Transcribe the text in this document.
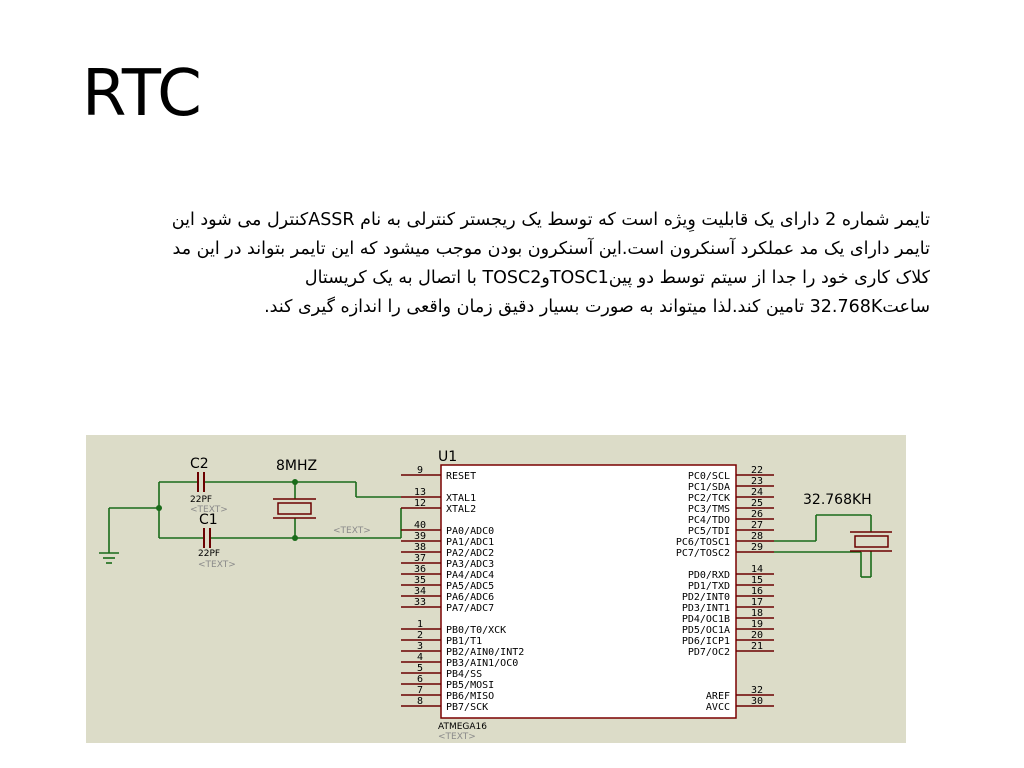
RTC
تایمر شماره 2 دارای یک قابلیت وِیژه است که توسط یک ریجستر کنترلی به نام ASSRکنترل می شود این
تایمر دارای یک مد عملکرد آسنکرون است.این آسنکرون بودن موجب میشود که این تایمر بتواند در این مد
کلاک کاری خود را جدا از سیتم توسط دو پینTOSC1وTOSC2 با اتصال به یک کریستال
ساعت32.768K تامین کند.لذا میتواند به صورت بسیار دقیق زمان واقعی را اندازه گیری کند.
C2
22PF
<TEXT>
C1
22PF
<TEXT>
8MHZ
<TEXT>
32.768KH
U1
ATMEGA16
<TEXT>
9
RESET
13
XTAL1
12
XTAL2
40
PA0/ADC0
39
PA1/ADC1
38
PA2/ADC2
37
PA3/ADC3
36
PA4/ADC4
35
PA5/ADC5
34
PA6/ADC6
33
PA7/ADC7
1
PB0/T0/XCK
2
PB1/T1
3
PB2/AIN0/INT2
4
PB3/AIN1/OC0
5
PB4/SS
6
PB5/MOSI
7
PB6/MISO
8
PB7/SCK
22
PC0/SCL 23
PC1/SDA 24
PC2/TCK 25
PC3/TMS 26
PC4/TDO 27
PC5/TDI 28
PC6/TOSC1 29
PC7/TOSC2
14
PD0/RXD 15
PD1/TXD 16
PD2/INT0 17
PD3/INT1 18
PD4/OC1B 19
PD5/OC1A 20
PD6/ICP1 21
PD7/OC2
32
AREF 30
AVCC
